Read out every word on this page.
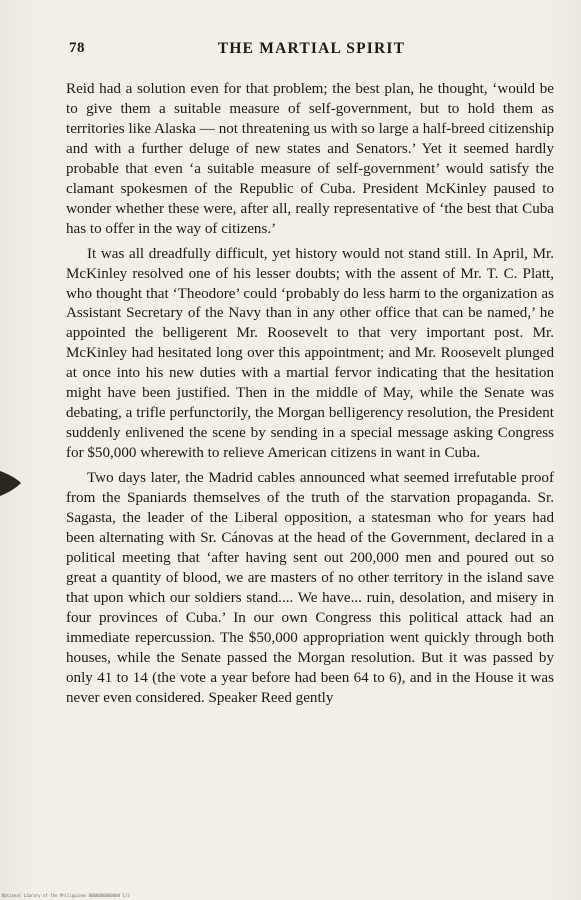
78	THE MARTIAL SPIRIT

Reid had a solution even for that problem; the best plan, he thought, ‘would be to give them a suitable measure of self-government, but to hold them as territories like Alaska — not threatening us with so large a half-breed citizenship and with a further deluge of new states and Senators.’ Yet it seemed hardly probable that even ‘a suitable measure of self-government’ would satisfy the clamant spokesmen of the Republic of Cuba. President McKinley paused to wonder whether these were, after all, really representative of ‘the best that Cuba has to offer in the way of citizens.’

It was all dreadfully difficult, yet history would not stand still. In April, Mr. McKinley resolved one of his lesser doubts; with the assent of Mr. T. C. Platt, who thought that ‘Theodore’ could ‘probably do less harm to the organization as Assistant Secretary of the Navy than in any other office that can be named,’ he appointed the belligerent Mr. Roosevelt to that very important post. Mr. McKinley had hesitated long over this appointment; and Mr. Roosevelt plunged at once into his new duties with a martial fervor indicating that the hesitation might have been justified. Then in the middle of May, while the Senate was debating, a trifle perfunctorily, the Morgan belligerency resolution, the President suddenly enlivened the scene by sending in a special message asking Congress for $50,000 wherewith to relieve American citizens in want in Cuba.

Two days later, the Madrid cables announced what seemed irrefutable proof from the Spaniards themselves of the truth of the starvation propaganda. Sr. Sagasta, the leader of the Liberal opposition, a statesman who for years had been alternating with Sr. Cánovas at the head of the Government, declared in a political meeting that ‘after having sent out 200,000 men and poured out so great a quantity of blood, we are masters of no other territory in the island save that upon which our soldiers stand.... We have... ruin, desolation, and misery in four provinces of Cuba.’ In our own Congress this political attack had an immediate repercussion. The $50,000 appropriation went quickly through both houses, while the Senate passed the Morgan resolution. But it was passed by only 41 to 14 (the vote a year before had been 64 to 6), and in the House it was never even considered. Speaker Reed gently

National Library of the Philippines 0000000000000 1/2
